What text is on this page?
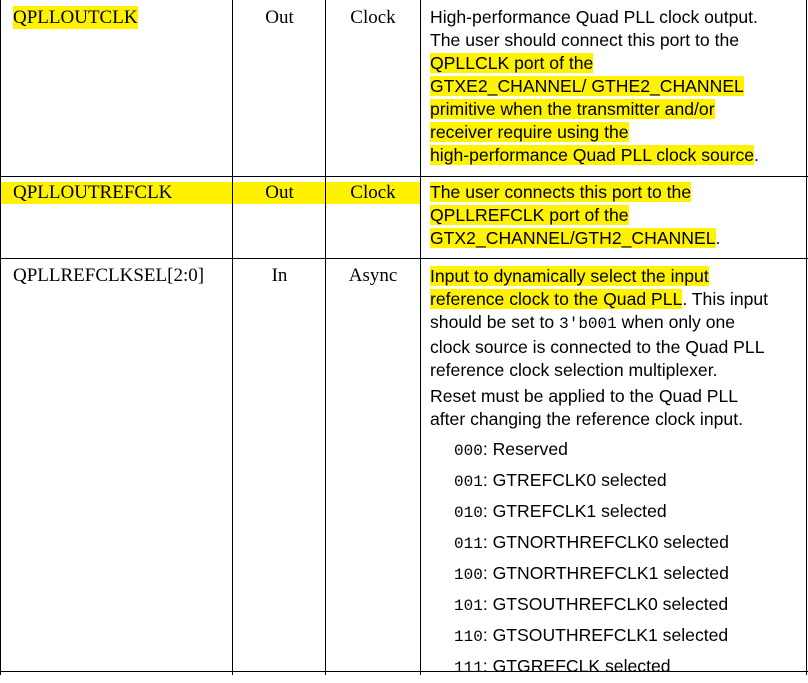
QPLLOUTCLK	Out	Clock	High-performance Quad PLL clock output.
The user should connect this port to the
QPLLCLK port of the
GTXE2_CHANNEL/ GTHE2_CHANNEL
primitive when the transmitter and/or
receiver require using the
high-performance Quad PLL clock source.
QPLLOUTREFCLK	Out	Clock	The user connects this port to the
QPLLREFCLK port of the
GTX2_CHANNEL/GTH2_CHANNEL.
QPLLREFCLKSEL[2:0]	In	Async	Input to dynamically select the input
reference clock to the Quad PLL. This input
should be set to 3'b001 when only one
clock source is connected to the Quad PLL
reference clock selection multiplexer.
Reset must be applied to the Quad PLL
after changing the reference clock input.
000: Reserved
001: GTREFCLK0 selected
010: GTREFCLK1 selected
011: GTNORTHREFCLK0 selected
100: GTNORTHREFCLK1 selected
101: GTSOUTHREFCLK0 selected
110: GTSOUTHREFCLK1 selected
111: GTGREFCLK selected
